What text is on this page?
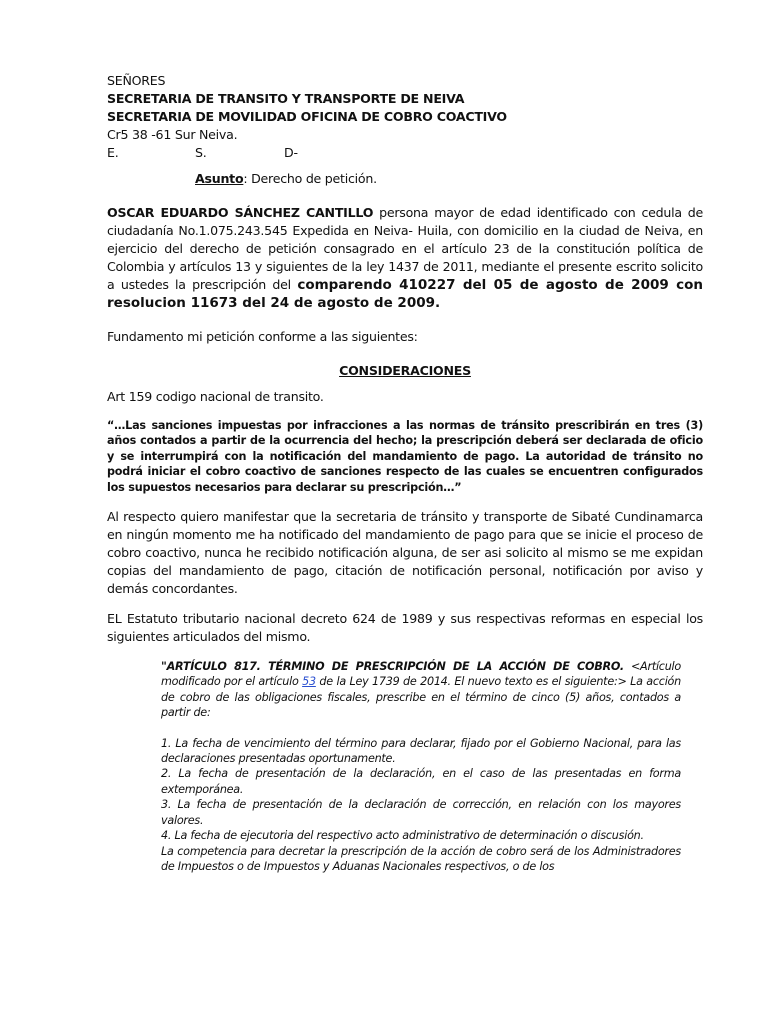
SEÑORES

SECRETARIA DE TRANSITO Y TRANSPORTE DE NEIVA

SECRETARIA DE MOVILIDAD OFICINA DE COBRO COACTIVO

Cr5 38 -61 Sur Neiva.

E.	S.	D-

Asunto: Derecho de petición.

OSCAR EDUARDO SÁNCHEZ CANTILLO persona mayor de edad identificado con cedula de ciudadanía No.1.075.243.545 Expedida en Neiva- Huila, con domicilio en la ciudad de Neiva, en ejercicio del derecho de petición consagrado en el artículo 23 de la constitución política de Colombia y artículos 13 y siguientes de la ley 1437 de 2011, mediante el presente escrito solicito a ustedes la prescripción del comparendo 410227 del 05 de agosto de 2009 con resolucion 11673 del 24 de agosto de 2009.

Fundamento mi petición conforme a las siguientes:

CONSIDERACIONES

Art 159 codigo nacional de transito.

“…Las sanciones impuestas por infracciones a las normas de tránsito prescribirán en tres (3) años contados a partir de la ocurrencia del hecho; la prescripción deberá ser declarada de oficio y se interrumpirá con la notificación del mandamiento de pago. La autoridad de tránsito no podrá iniciar el cobro coactivo de sanciones respecto de las cuales se encuentren configurados los supuestos necesarios para declarar su prescripción…”

Al respecto quiero manifestar que la secretaria de tránsito y transporte de Sibaté Cundinamarca en ningún momento me ha notificado del mandamiento de pago para que se inicie el proceso de cobro coactivo, nunca he recibido notificación alguna, de ser asi solicito al mismo se me expidan copias del mandamiento de pago, citación de notificación personal, notificación por aviso y demás concordantes.

EL Estatuto tributario nacional decreto 624 de 1989 y sus respectivas reformas en especial los siguientes articulados del mismo.

"ARTÍCULO 817. TÉRMINO DE PRESCRIPCIÓN DE LA ACCIÓN DE COBRO. <Artículo modificado por el artículo 53 de la Ley 1739 de 2014. El nuevo texto es el siguiente:> La acción de cobro de las obligaciones fiscales, prescribe en el término de cinco (5) años, contados a partir de:

1. La fecha de vencimiento del término para declarar, fijado por el Gobierno Nacional, para las declaraciones presentadas oportunamente.

2. La fecha de presentación de la declaración, en el caso de las presentadas en forma extemporánea.

3. La fecha de presentación de la declaración de corrección, en relación con los mayores valores.

4. La fecha de ejecutoria del respectivo acto administrativo de determinación o discusión.

La competencia para decretar la prescripción de la acción de cobro será de los Administradores de Impuestos o de Impuestos y Aduanas Nacionales respectivos, o de los
